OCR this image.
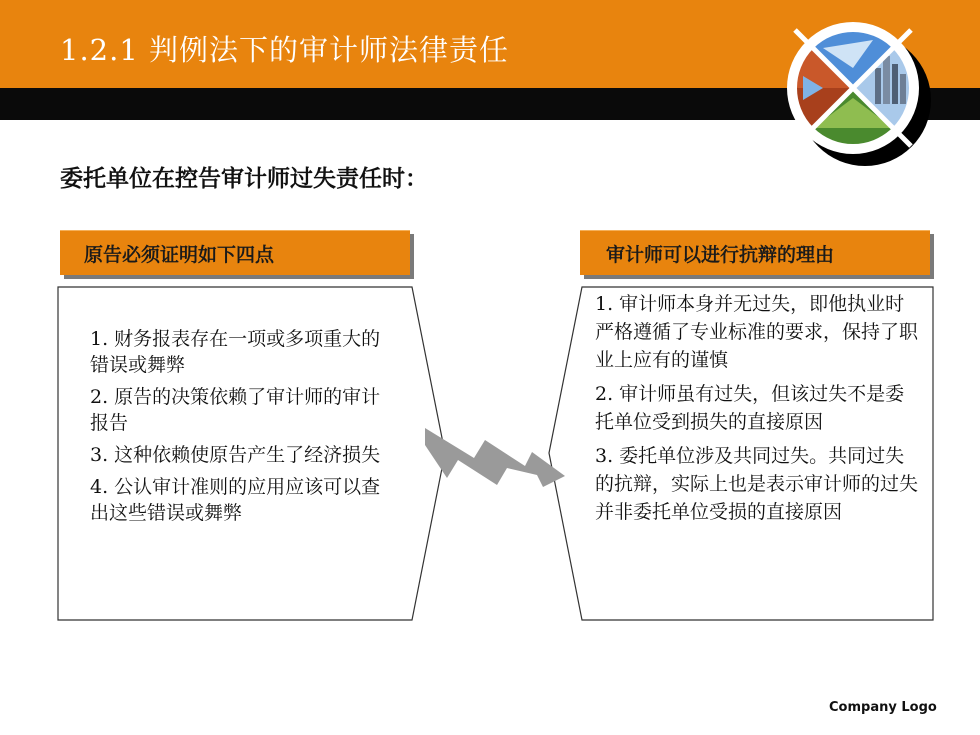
1.2.1 判例法下的审计师法律责任
委托单位在控告审计师过失责任时：
原告必须证明如下四点	审计师可以进行抗辩的理由

1. 财务报表存在一项或多项重大的错误或舞弊

2. 原告的决策依赖了审计师的审计报告

3. 这种依赖使原告产生了经济损失

4. 公认审计准则的应用应该可以查出这些错误或舞弊

1. 审计师本身并无过失，即他执业时严格遵循了专业标准的要求，保持了职业上应有的谨慎

2. 审计师虽有过失，但该过失不是委托单位受到损失的直接原因

3. 委托单位涉及共同过失。共同过失的抗辩，实际上也是表示审计师的过失并非委托单位受损的直接原因

Company Logo
